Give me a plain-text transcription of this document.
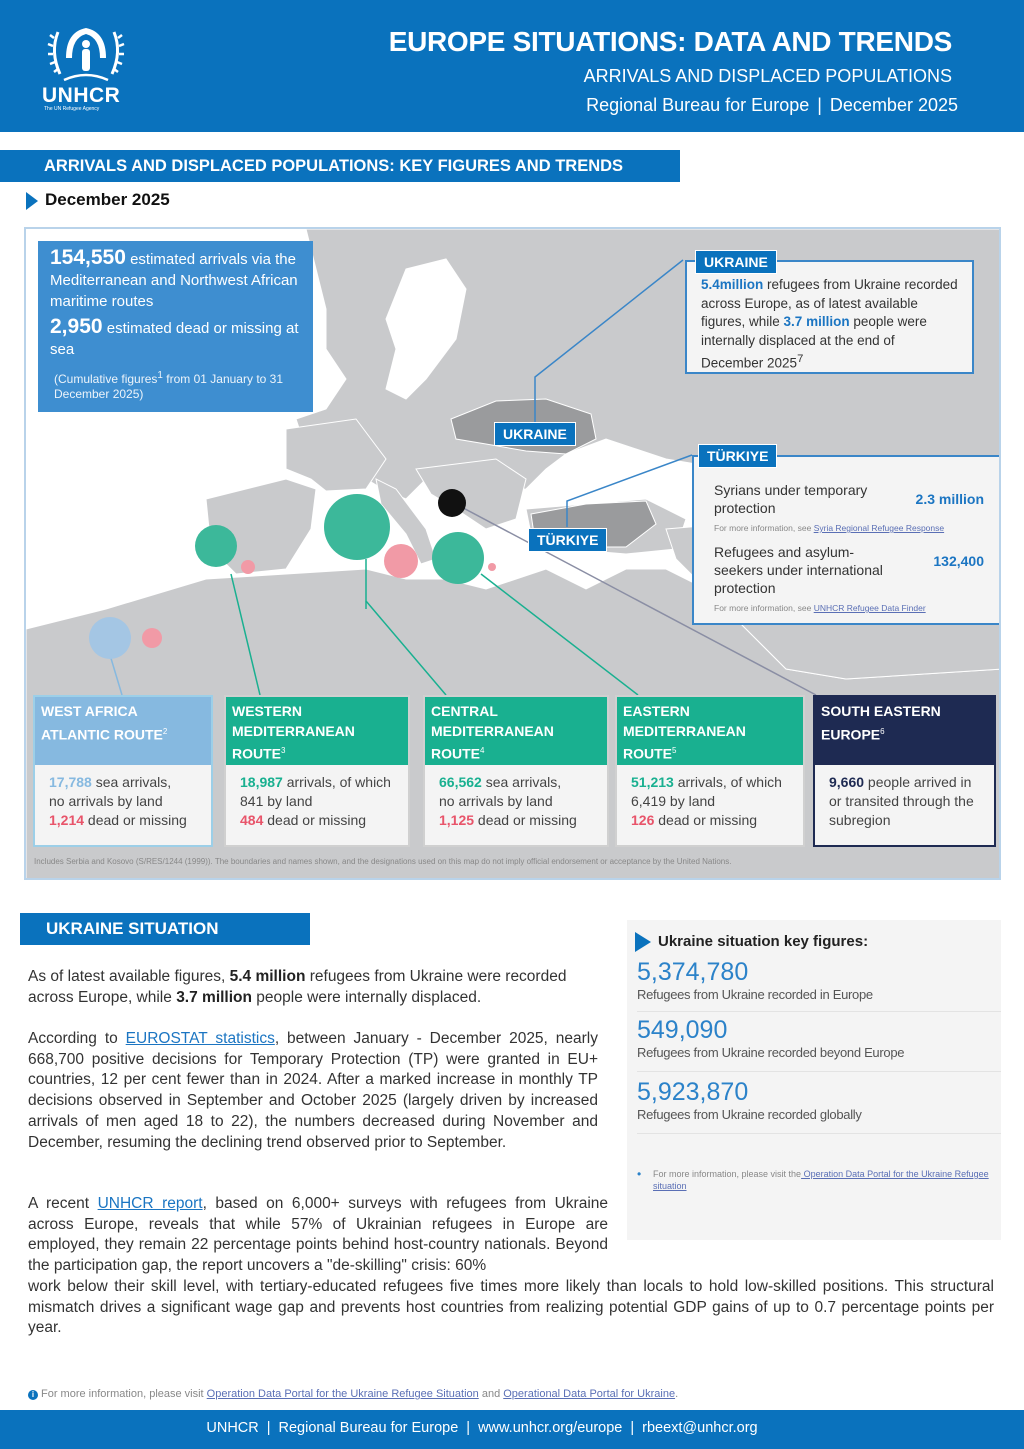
UNHCR
The UN Refugee Agency
EUROPE SITUATIONS: DATA AND TRENDS
ARRIVALS AND DISPLACED POPULATIONS
Regional Bureau for Europe | December 2025
ARRIVALS AND DISPLACED POPULATIONS: KEY FIGURES AND TRENDS
December 2025
154,550 estimated arrivals via the Mediterranean and Northwest African maritime routes
2,950 estimated dead or missing at sea
(Cumulative figures$^1$ from 01 January to 31 December 2025)
UKRAINE
TÜRKIYE
5.4million refugees from Ukraine recorded across Europe, as of latest available figures, while 3.7 million people were internally displaced at the end of December 2025$^7$
UKRAINE
Syrians under temporary protection
2.3 million
For more information, see Syria Regional Refugee Response
Refugees and asylum-seekers under international protection
132,400
For more information, see UNHCR Refugee Data Finder
TÜRKIYE
WEST AFRICA ATLANTIC ROUTE$^2$
17,788 sea arrivals,
no arrivals by land
1,214 dead or missing
WESTERN MEDITERRANEAN ROUTE$^3$
18,987 arrivals, of which
841 by land
484 dead or missing
CENTRAL MEDITERRANEAN ROUTE$^4$
66,562 sea arrivals,
no arrivals by land
1,125 dead or missing
EASTERN MEDITERRANEAN ROUTE$^5$
51,213 arrivals, of which
6,419 by land
126 dead or missing
SOUTH EASTERN EUROPE$^6$
9,660 people arrived in or transited through the subregion
Includes Serbia and Kosovo (S/RES/1244 (1999)). The boundaries and names shown, and the designations used on this map do not imply official endorsement or acceptance by the United Nations.
UKRAINE SITUATION
As of latest available figures, 5.4 million refugees from Ukraine were recorded across Europe, while 3.7 million people were internally displaced.
According to EUROSTAT statistics, between January - December 2025, nearly 668,700 positive decisions for Temporary Protection (TP) were granted in EU+ countries, 12 per cent fewer than in 2024. After a marked increase in monthly TP decisions observed in September and October 2025 (largely driven by increased arrivals of men aged 18 to 22), the numbers decreased during November and December, resuming the declining trend observed prior to September.
A recent UNHCR report, based on 6,000+ surveys with refugees from Ukraine across Europe, reveals that while 57% of Ukrainian refugees in Europe are employed, they remain 22 percentage points behind host-country nationals. Beyond the participation gap, the report uncovers a "de-skilling" crisis: 60%
work below their skill level, with tertiary-educated refugees five times more likely than locals to hold low-skilled positions. This structural mismatch drives a significant wage gap and prevents host countries from realizing potential GDP gains of up to 0.7 percentage points per year.
Ukraine situation key figures:
5,374,780
Refugees from Ukraine recorded in Europe
549,090
Refugees from Ukraine recorded beyond Europe
5,923,870
Refugees from Ukraine recorded globally
• For more information, please visit the Operation Data Portal for the Ukraine Refugee situation
i For more information, please visit Operation Data Portal for the Ukraine Refugee Situation and Operational Data Portal for Ukraine.
UNHCR | Regional Bureau for Europe | www.unhcr.org/europe | rbeext@unhcr.org
